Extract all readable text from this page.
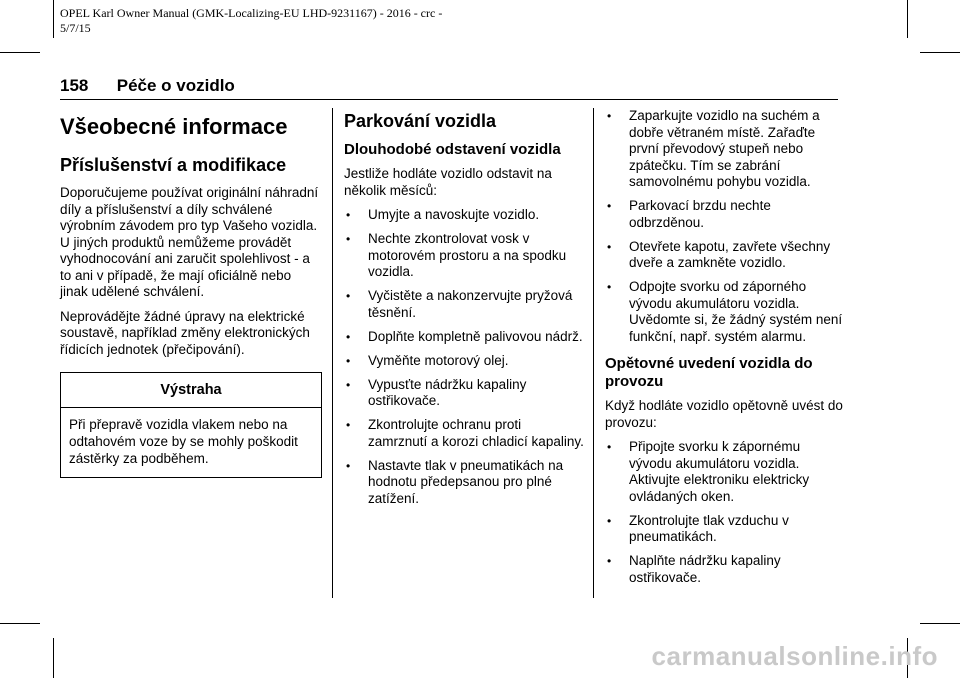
OPEL Karl Owner Manual (GMK-Localizing-EU LHD-9231167) - 2016 - crc -
5/7/15
158 Péče o vozidlo
Všeobecné informace
Příslušenství a modifikace

Doporučujeme používat originální náhradní díly a příslušenství a díly schválené výrobním závodem pro typ Vašeho vozidla. U jiných produktů nemůžeme provádět vyhodnocování ani zaručit spolehlivost - a to ani v případě, že mají oficiálně nebo jinak udělené schválení.

Neprovádějte žádné úpravy na elektrické soustavě, například změny elektronických řídicích jednotek (přečipování).

Výstraha
Při přepravě vozidla vlakem nebo na odtahovém voze by se mohly poškodit zástěrky za podběhem.
Parkování vozidla
Dlouhodobé odstavení vozidla

Jestliže hodláte vozidlo odstavit na několik měsíců:

• Umyjte a navoskujte vozidlo.
• Nechte zkontrolovat vosk v motorovém prostoru a na spodku vozidla.
• Vyčistěte a nakonzervujte pryžová těsnění.
• Doplňte kompletně palivovou nádrž.
• Vyměňte motorový olej.
• Vypusťte nádržku kapaliny ostřikovače.
• Zkontrolujte ochranu proti zamrznutí a korozi chladicí kapaliny.
• Nastavte tlak v pneumatikách na hodnotu předepsanou pro plné zatížení.
• Zaparkujte vozidlo na suchém a dobře větraném místě. Zařaďte první převodový stupeň nebo zpátečku. Tím se zabrání samovolnému pohybu vozidla.
• Parkovací brzdu nechte odbrzděnou.
• Otevřete kapotu, zavřete všechny dveře a zamkněte vozidlo.
• Odpojte svorku od záporného vývodu akumulátoru vozidla. Uvědomte si, že žádný systém není funkční, např. systém alarmu.
Opětovné uvedení vozidla do provozu

Když hodláte vozidlo opětovně uvést do provozu:

• Připojte svorku k zápornému vývodu akumulátoru vozidla. Aktivujte elektroniku elektricky ovládaných oken.
• Zkontrolujte tlak vzduchu v pneumatikách.
• Naplňte nádržku kapaliny ostřikovače.
carmanualsonline.info
